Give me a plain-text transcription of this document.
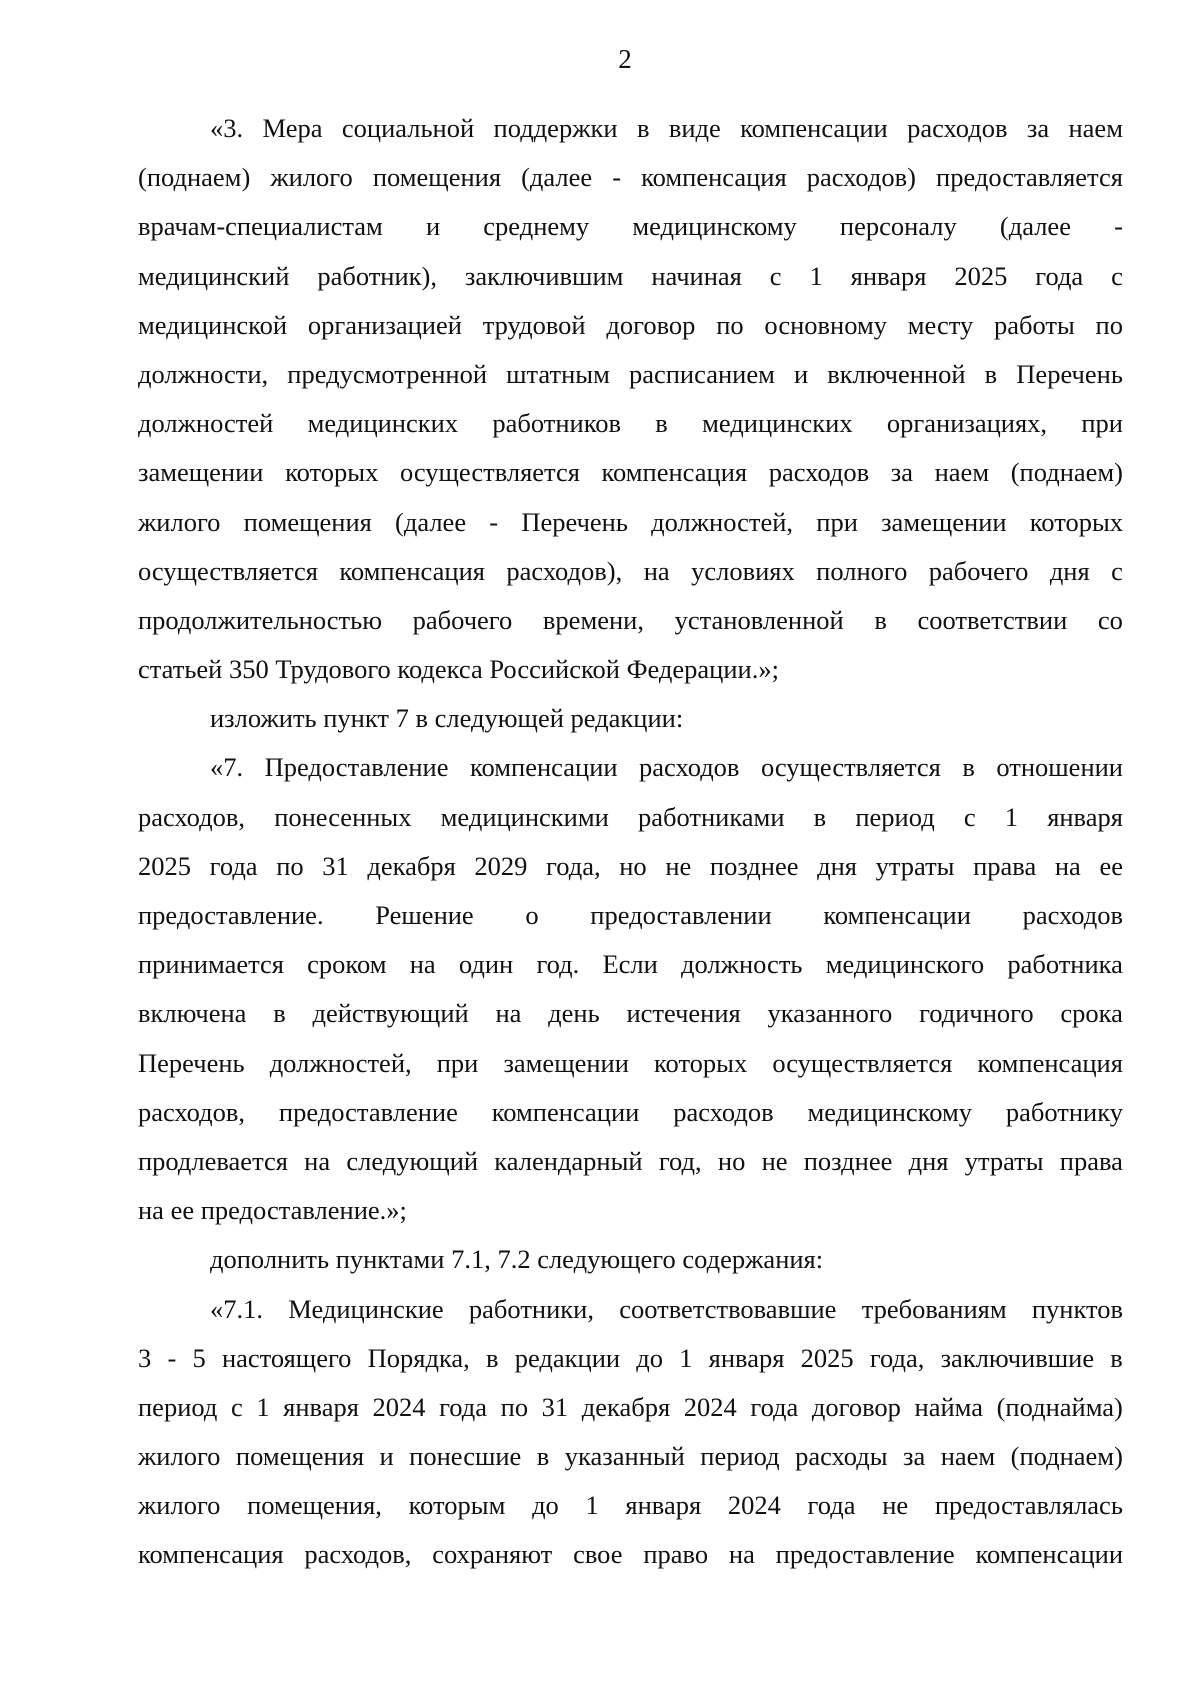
2
«3. Мера социальной поддержки в виде компенсации расходов за наем
(поднаем) жилого помещения (далее - компенсация расходов) предоставляется
врачам-специалистам и среднему медицинскому персоналу (далее -
медицинский работник), заключившим начиная с 1 января 2025 года с
медицинской организацией трудовой договор по основному месту работы по
должности, предусмотренной штатным расписанием и включенной в Перечень
должностей медицинских работников в медицинских организациях, при
замещении которых осуществляется компенсация расходов за наем (поднаем)
жилого помещения (далее - Перечень должностей, при замещении которых
осуществляется компенсация расходов), на условиях полного рабочего дня с
продолжительностью рабочего времени, установленной в соответствии со
статьей 350 Трудового кодекса Российской Федерации.»;
изложить пункт 7 в следующей редакции:
«7. Предоставление компенсации расходов осуществляется в отношении
расходов, понесенных медицинскими работниками в период с 1 января
2025 года по 31 декабря 2029 года, но не позднее дня утраты права на ее
предоставление. Решение о предоставлении компенсации расходов
принимается сроком на один год. Если должность медицинского работника
включена в действующий на день истечения указанного годичного срока
Перечень должностей, при замещении которых осуществляется компенсация
расходов, предоставление компенсации расходов медицинскому работнику
продлевается на следующий календарный год, но не позднее дня утраты права
на ее предоставление.»;
дополнить пунктами 7.1, 7.2 следующего содержания:
«7.1. Медицинские работники, соответствовавшие требованиям пунктов
3 - 5 настоящего Порядка, в редакции до 1 января 2025 года, заключившие в
период с 1 января 2024 года по 31 декабря 2024 года договор найма (поднайма)
жилого помещения и понесшие в указанный период расходы за наем (поднаем)
жилого помещения, которым до 1 января 2024 года не предоставлялась
компенсация расходов, сохраняют свое право на предоставление компенсации
